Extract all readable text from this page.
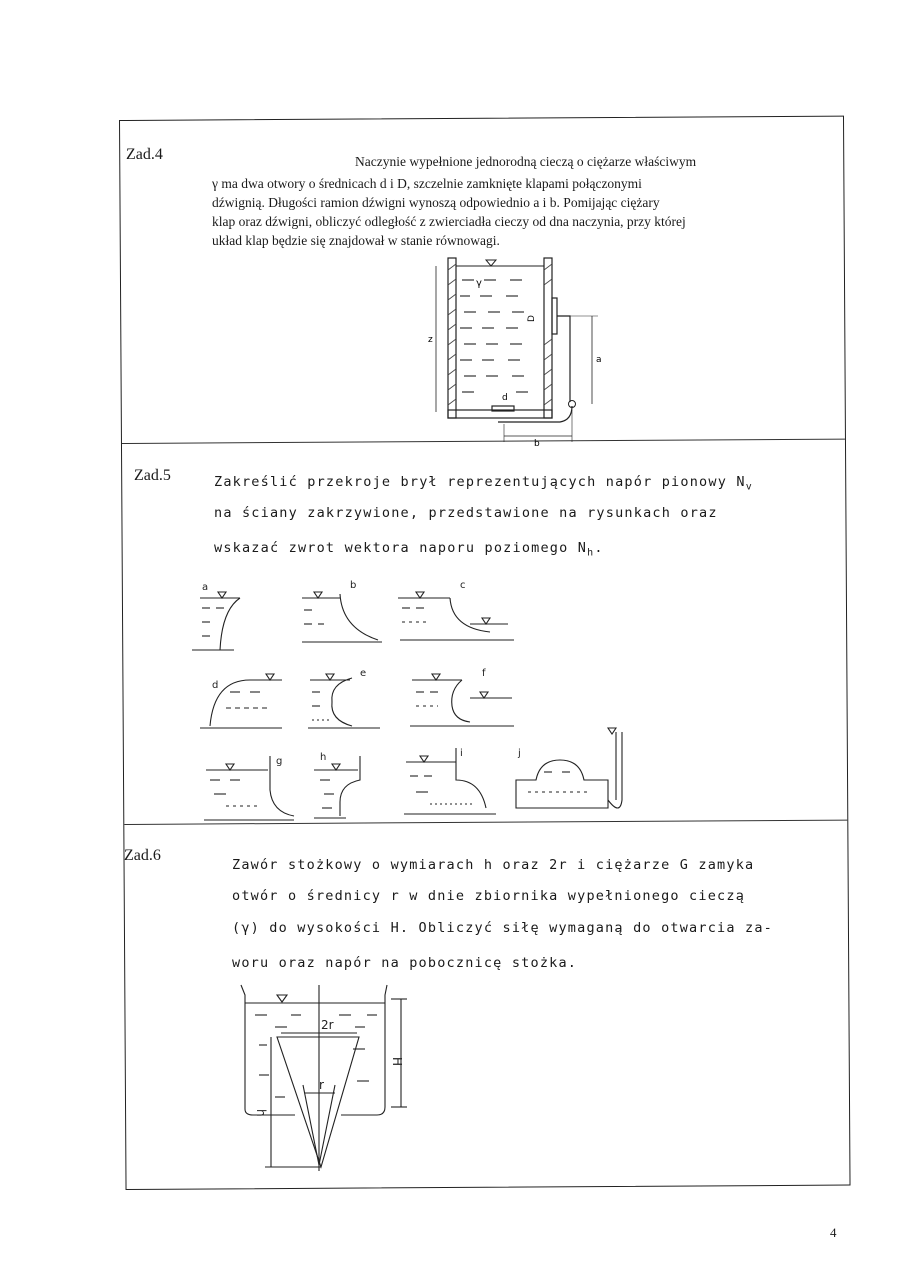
Zad.4	Naczynie wypełnione jednorodną cieczą o ciężarze właściwym
γ ma dwa otwory o średnicach d i D, szczelnie zamknięte klapami połączonymi
dźwignią. Długości ramion dźwigni wynoszą odpowiednio a i b. Pomijając ciężary
klap oraz dźwigni, obliczyć odległość z zwierciadła cieczy od dna naczynia, przy której
układ klap będzie się znajdował w stanie równowagi.
γ
D
d
z
a
b
Zad.5	Zakreślić przekroje brył reprezentujących napór pionowy $N_v$
na ściany zakrzywione, przedstawione na rysunkach oraz
wskazać zwrot wektora naporu poziomego $N_h$.
a	b	c
d
e	f
g	h	i	j
Zad.6
Zawór stożkowy o wymiarach h oraz 2r i ciężarze G zamyka
otwór o średnicy r w dnie zbiornika wypełnionego cieczą
(γ) do wysokości H. Obliczyć siłę wymaganą do otwarcia za-
woru oraz napór na pobocznicę stożka.
2r
r
H
h
4
